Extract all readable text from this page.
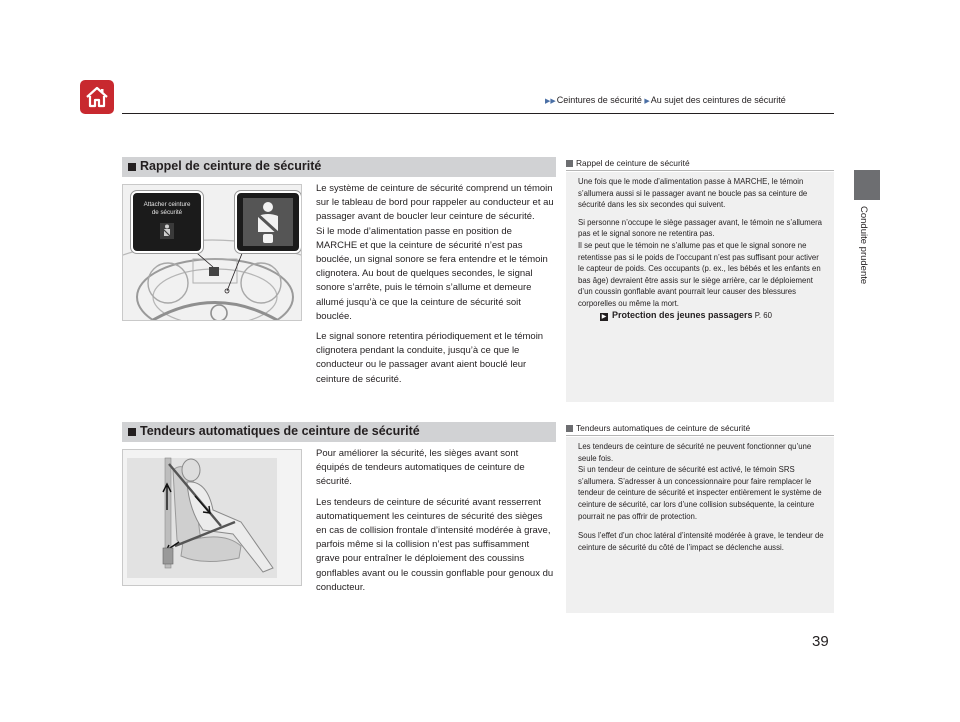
▶▶Ceintures de sécurité ▶Au sujet des ceintures de sécurité
Conduite prudente
Rappel de ceinture de sécurité
Attacher ceinture
de sécurité
Le système de ceinture de sécurité comprend un témoin sur le tableau de bord pour rappeler au conducteur et au passager avant de boucler leur ceinture de sécurité.
Si le mode d’alimentation passe en position de MARCHE et que la ceinture de sécurité n’est pas bouclée, un signal sonore se fera entendre et le témoin clignotera. Au bout de quelques secondes, le signal sonore s’arrête, puis le témoin s’allume et demeure allumé jusqu’à ce que la ceinture de sécurité soit bouclée.
Le signal sonore retentira périodiquement et le témoin clignotera pendant la conduite, jusqu’à ce que le conducteur ou le passager avant aient bouclé leur ceinture de sécurité.
Tendeurs automatiques de ceinture de sécurité
Pour améliorer la sécurité, les sièges avant sont équipés de tendeurs automatiques de ceinture de sécurité.
Les tendeurs de ceinture de sécurité avant resserrent automatiquement les ceintures de sécurité des sièges en cas de collision frontale d’intensité modérée à grave, parfois même si la collision n’est pas suffisamment grave pour entraîner le déploiement des coussins gonflables avant ou le coussin gonflable pour genoux du conducteur.
Rappel de ceinture de sécurité

Une fois que le mode d’alimentation passe à MARCHE, le témoin s’allumera aussi si le passager avant ne boucle pas sa ceinture de sécurité dans les six secondes qui suivent.

Si personne n’occupe le siège passager avant, le témoin ne s’allumera pas et le signal sonore ne retentira pas.

Il se peut que le témoin ne s’allume pas et que le signal sonore ne retentisse pas si le poids de l’occupant n’est pas suffisant pour activer le capteur de poids. Ces occupants (p. ex., les bébés et les enfants en bas âge) devraient être assis sur le siège arrière, car le déploiement d’un coussin gonflable avant pourrait leur causer des blessures corporelles ou même la mort.

▶ Protection des jeunes passagers P. 60
Tendeurs automatiques de ceinture de sécurité

Les tendeurs de ceinture de sécurité ne peuvent fonctionner qu’une seule fois.

Si un tendeur de ceinture de sécurité est activé, le témoin SRS s’allumera. S’adresser à un concessionnaire pour faire remplacer le tendeur de ceinture de sécurité et inspecter entièrement le système de ceinture de sécurité, car lors d’une collision subséquente, la ceinture pourrait ne pas offrir de protection.

Sous l’effet d’un choc latéral d’intensité modérée à grave, le tendeur de ceinture de sécurité du côté de l’impact se déclenche aussi.

39
